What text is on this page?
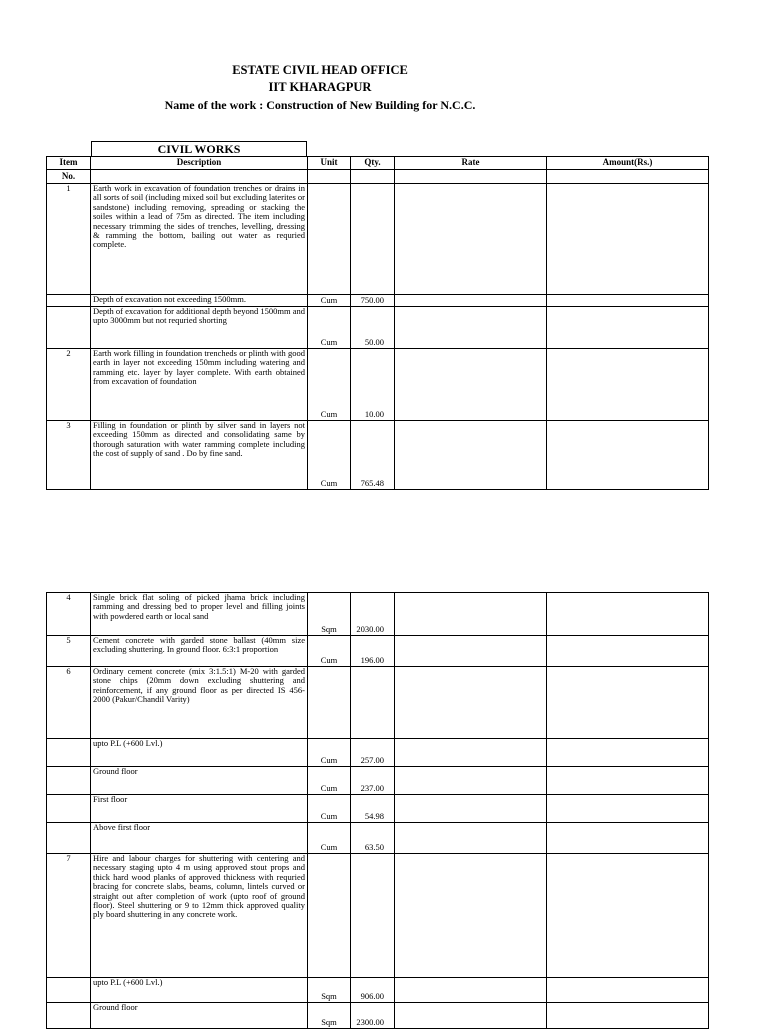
ESTATE CIVIL HEAD OFFICE
IIT KHARAGPUR
Name of the work : Construction of New Building for N.C.C.
CIVIL WORKS
Item	Description	Unit	Qty.	Rate	Amount(Rs.)
No.					
1	Earth work in excavation of foundation trenches or drains in all sorts of soil (including mixed soil but excluding laterites or sandstone) including removing, spreading or stacking the soiles within a lead of 75m as directed. The item including necessary trimming the sides of trenches, levelling, dressing & ramming the bottom, bailing out water as requried complete.				
	Depth of excavation not exceeding 1500mm.	Cum	750.00		
	Depth of excavation for additional depth beyond 1500mm and upto 3000mm but not requried shorting	Cum	50.00		
2	Earth work filling in foundation trencheds or plinth with good earth in layer not exceeding 150mm including watering and ramming etc. layer by layer complete. With earth obtained from excavation of foundation	Cum	10.00		
3	Filling in foundation or plinth by silver sand in layers not exceeding 150mm as directed and consolidating same by thorough saturation with water ramming complete including the cost of supply of sand . Do by fine sand.	Cum	765.48		
4	Single brick flat soling of picked jhama brick including ramming and dressing bed to proper level and filling joints with powdered earth or local sand	Sqm	2030.00		
5	Cement concrete with garded stone ballast (40mm size excluding shuttering. In ground floor. 6:3:1 proportion	Cum	196.00		
6	Ordinary cement concrete (mix 3:1.5:1) M-20 with garded stone chips (20mm down excluding shuttering and reinforcement, if any ground floor as per directed IS 456-2000 (Pakur/Chandil Varity)				
	upto P.L (+600 Lvl.)	Cum	257.00		
	Ground floor	Cum	237.00		
	First floor	Cum	54.98		
	Above first floor	Cum	63.50		
7	Hire and labour charges for shuttering with centering and necessary staging upto 4 m using approved stout props and thick hard wood planks of approved thickness with requried bracing for concrete slabs, beams, column, lintels curved or straight out after completion of work (upto roof of ground floor). Steel shuttering or 9 to 12mm thick approved quality ply board shuttering in any concrete work.				
	upto P.L (+600 Lvl.)	Sqm	906.00		
	Ground floor	Sqm	2300.00		
